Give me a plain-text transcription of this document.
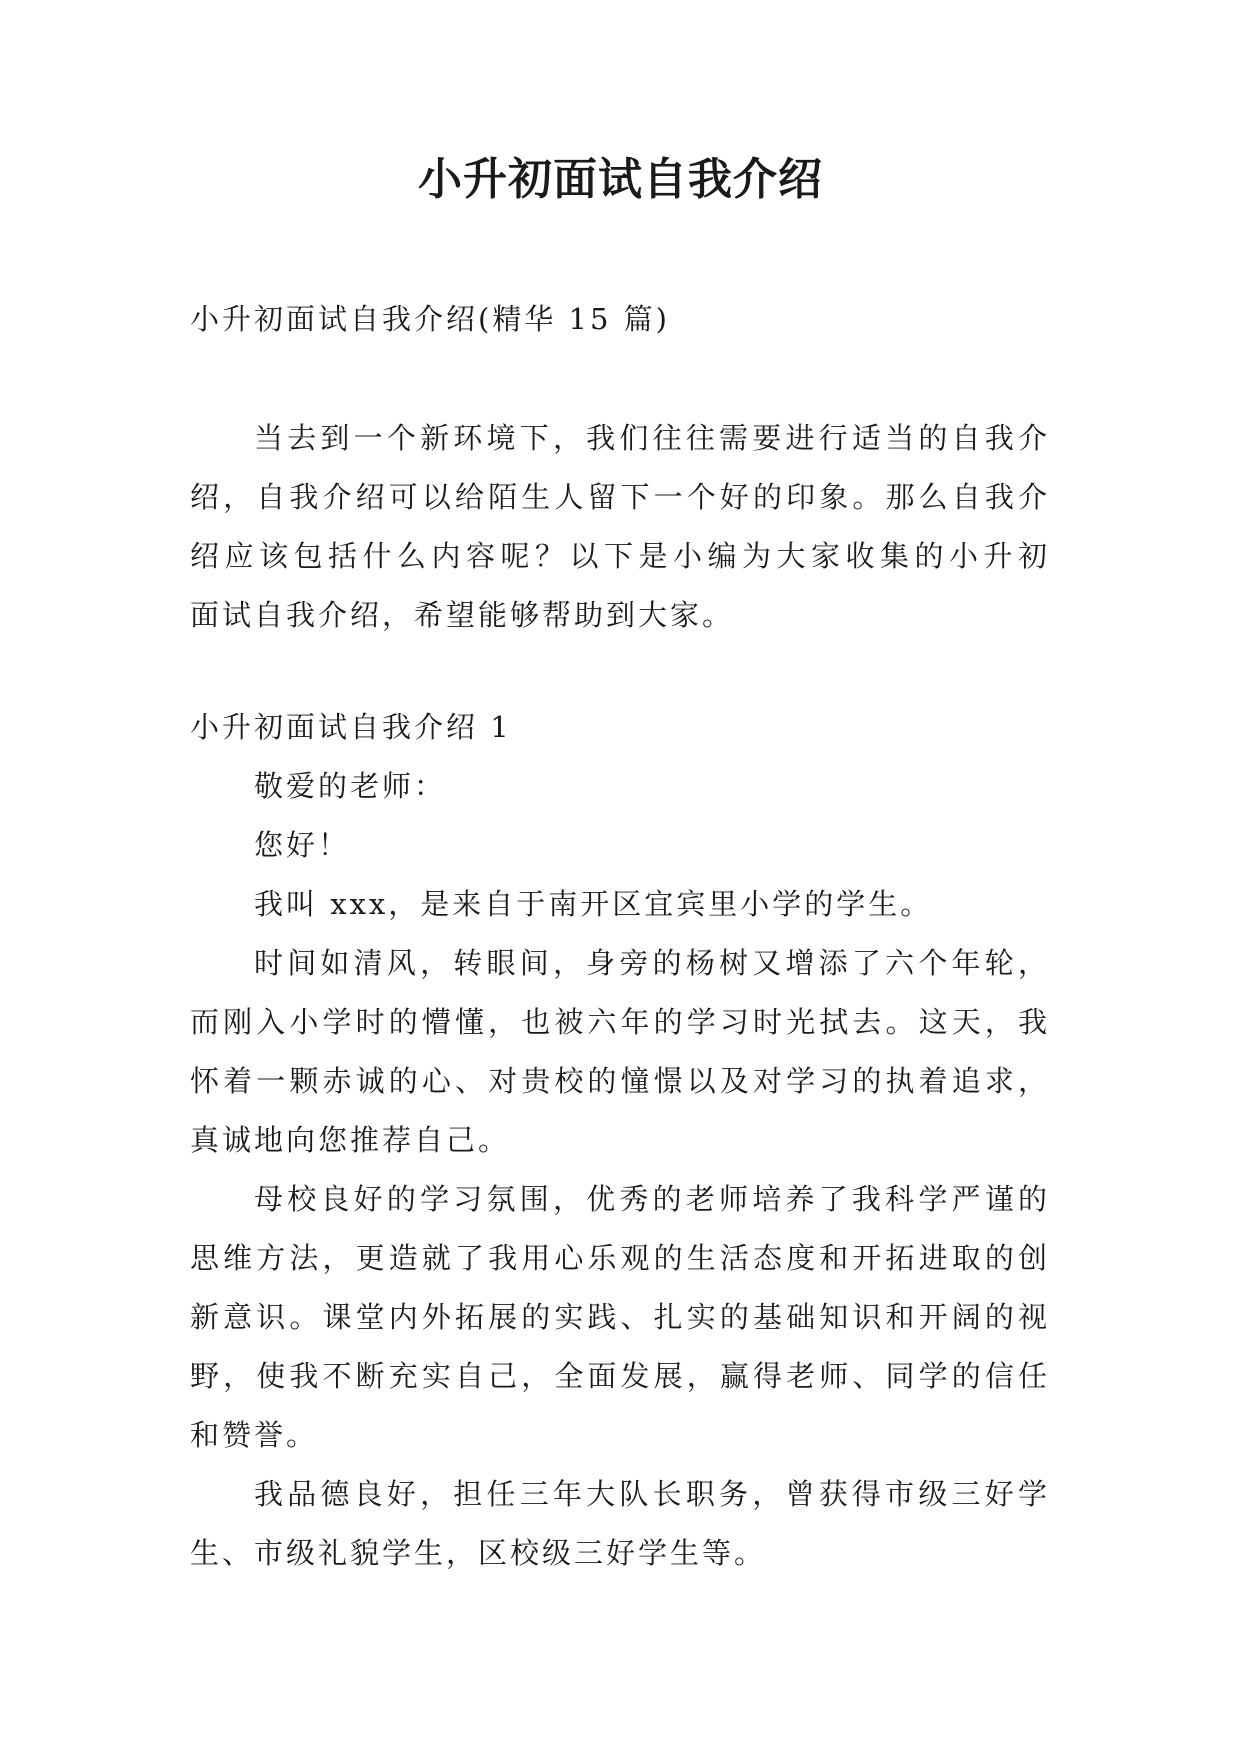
小升初面试自我介绍

小升初面试自我介绍(精华 15 篇)

当去到一个新环境下，我们往往需要进行适当的自我介

绍，自我介绍可以给陌生人留下一个好的印象。那么自我介

绍应该包括什么内容呢？以下是小编为大家收集的小升初

面试自我介绍，希望能够帮助到大家。

小升初面试自我介绍 1

敬爱的老师：

您好！

我叫 xxx，是来自于南开区宜宾里小学的学生。

时间如清风，转眼间，身旁的杨树又增添了六个年轮，

而刚入小学时的懵懂，也被六年的学习时光拭去。这天，我

怀着一颗赤诚的心、对贵校的憧憬以及对学习的执着追求，

真诚地向您推荐自己。

母校良好的学习氛围，优秀的老师培养了我科学严谨的

思维方法，更造就了我用心乐观的生活态度和开拓进取的创

新意识。课堂内外拓展的实践、扎实的基础知识和开阔的视

野，使我不断充实自己，全面发展，赢得老师、同学的信任

和赞誉。

我品德良好，担任三年大队长职务，曾获得市级三好学

生、市级礼貌学生，区校级三好学生等。
